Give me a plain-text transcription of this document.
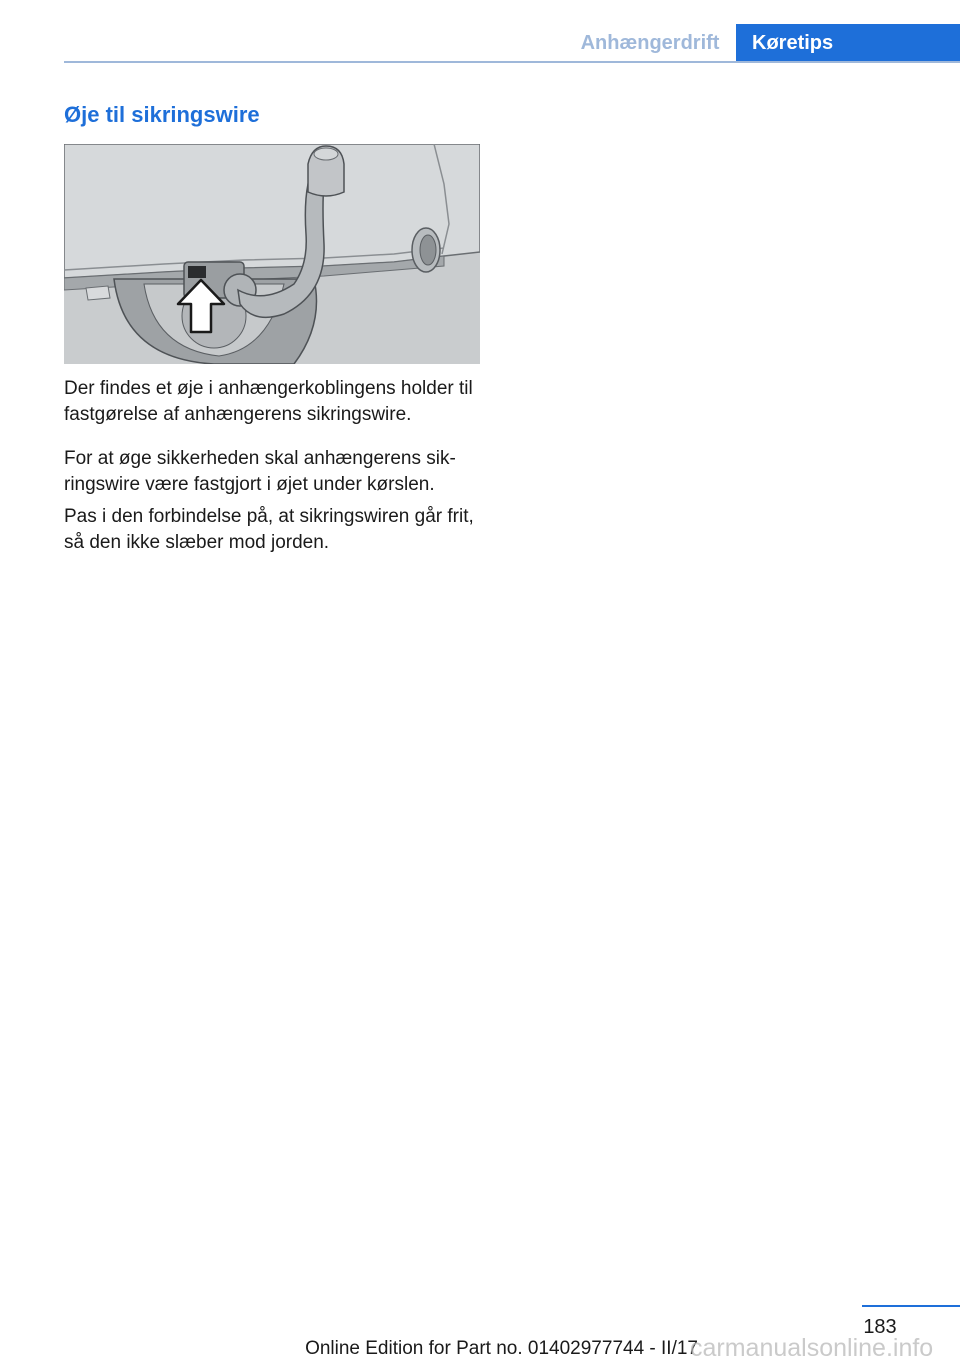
Anhængerdrift	Køretips
Øje til sikringswire

Der findes et øje i anhængerkoblingens holder til fastgørelse af anhængerens sikringswire.

For at øge sikkerheden skal anhængerens sikringswire være fastgjort i øjet under kørslen.

Pas i den forbindelse på, at sikringswiren går frit, så den ikke slæber mod jorden.

183
Online Edition for Part no. 01402977744 - II/17
carmanualsonline.info
